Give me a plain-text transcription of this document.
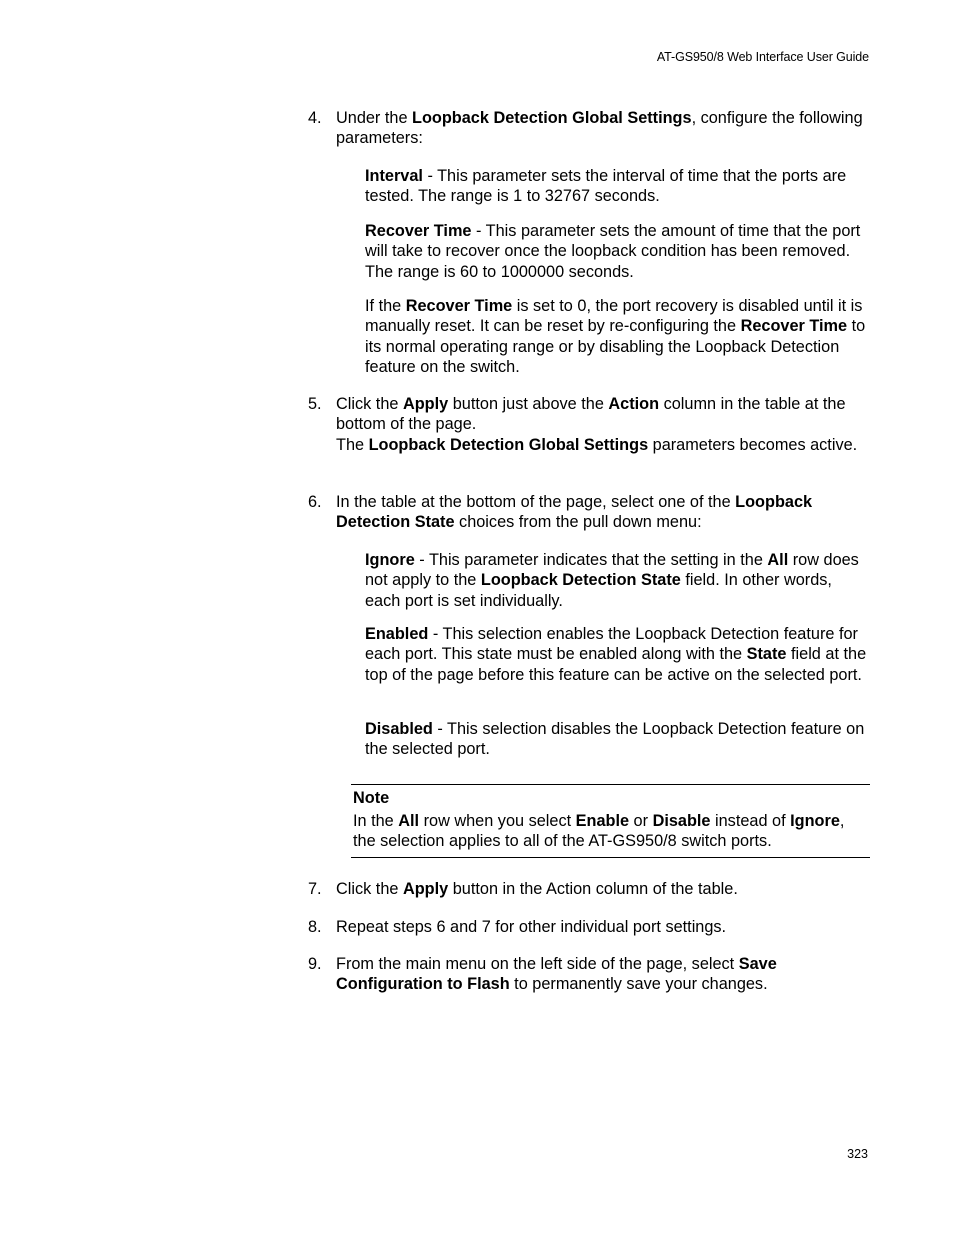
AT-GS950/8 Web Interface User Guide
4. Under the Loopback Detection Global Settings, configure the following parameters:
Interval - This parameter sets the interval of time that the ports are tested. The range is 1 to 32767 seconds.
Recover Time - This parameter sets the amount of time that the port will take to recover once the loopback condition has been removed. The range is 60 to 1000000 seconds.
If the Recover Time is set to 0, the port recovery is disabled until it is manually reset. It can be reset by re-configuring the Recover Time to its normal operating range or by disabling the Loopback Detection feature on the switch.
5. Click the Apply button just above the Action column in the table at the bottom of the page.
The Loopback Detection Global Settings parameters becomes active.
6. In the table at the bottom of the page, select one of the Loopback Detection State choices from the pull down menu:
Ignore - This parameter indicates that the setting in the All row does not apply to the Loopback Detection State field. In other words, each port is set individually.
Enabled - This selection enables the Loopback Detection feature for each port. This state must be enabled along with the State field at the top of the page before this feature can be active on the selected port.
Disabled - This selection disables the Loopback Detection feature on the selected port.
Note
In the All row when you select Enable or Disable instead of Ignore, the selection applies to all of the AT-GS950/8 switch ports.
7. Click the Apply button in the Action column of the table.
8. Repeat steps 6 and 7 for other individual port settings.
9. From the main menu on the left side of the page, select Save Configuration to Flash to permanently save your changes.
323
